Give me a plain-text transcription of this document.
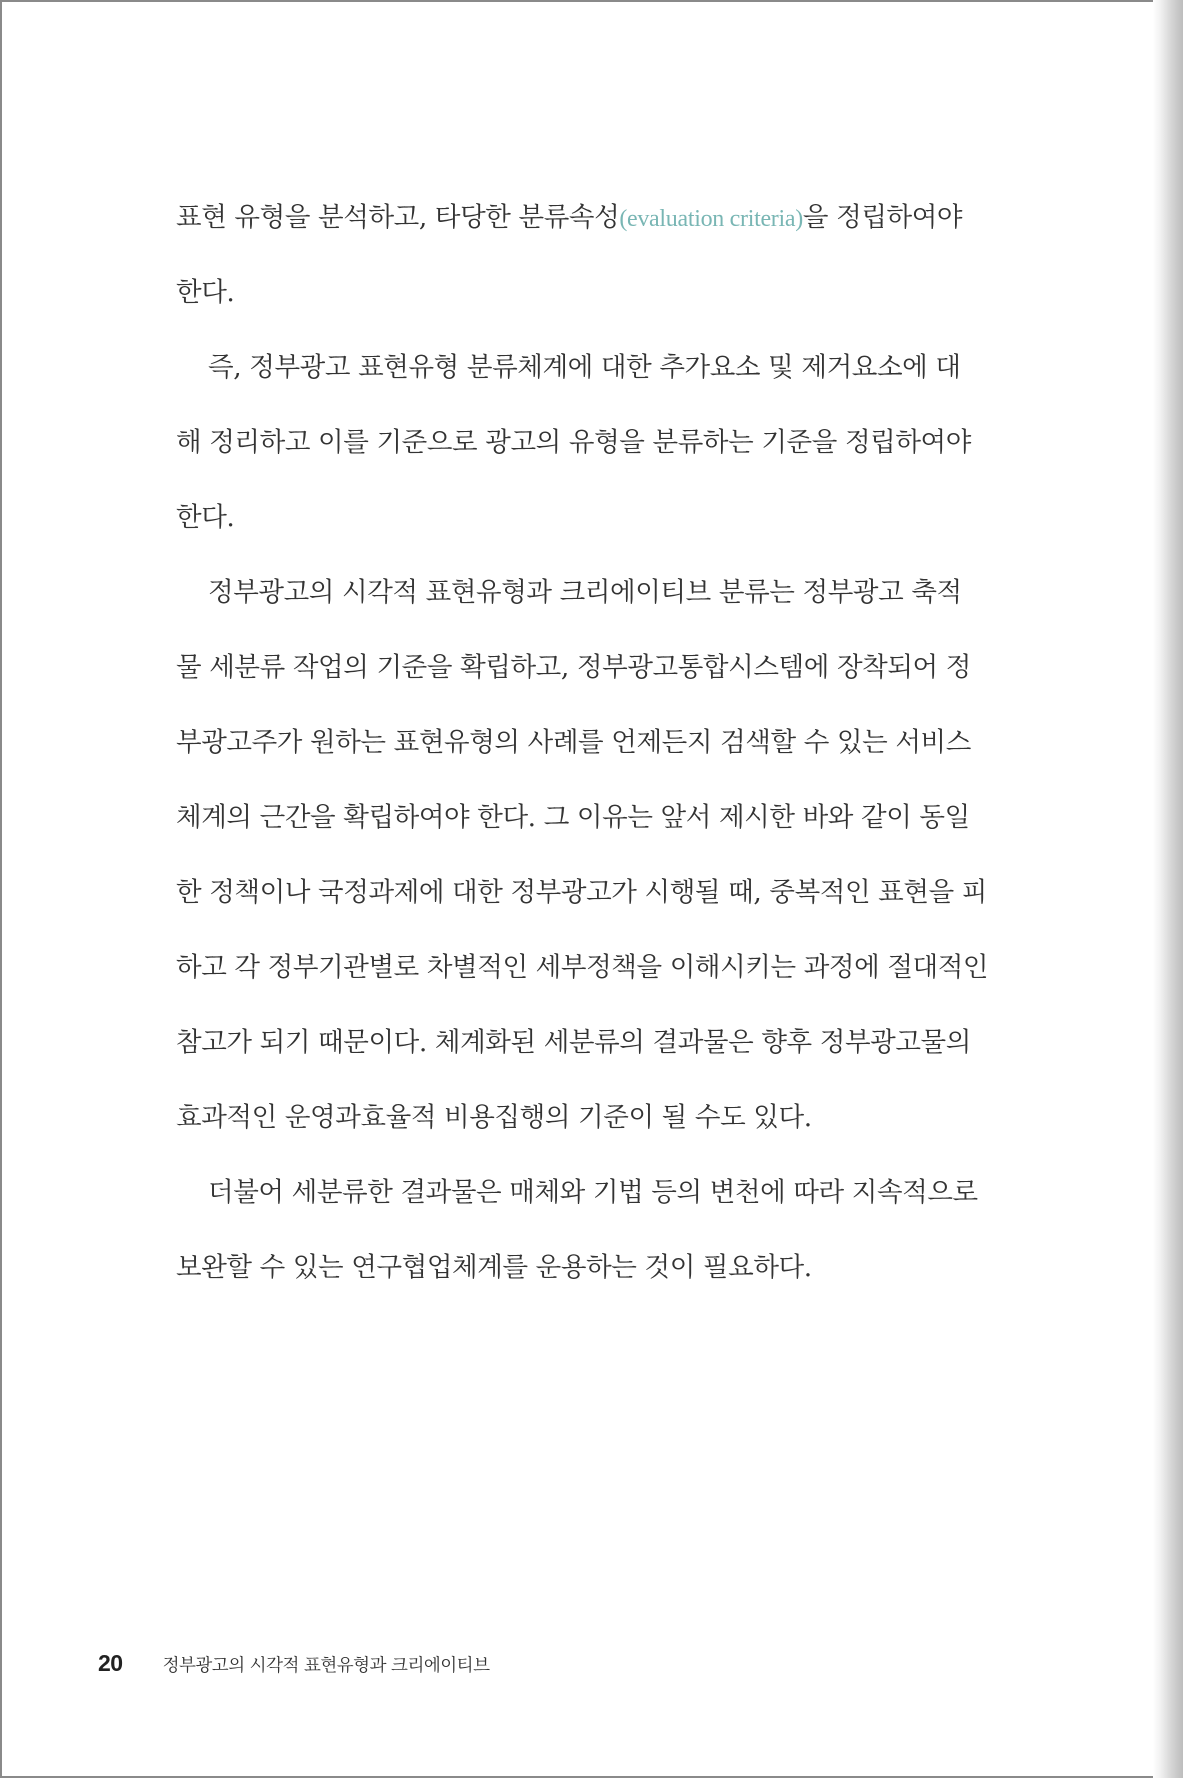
표현 유형을 분석하고, 타당한 분류속성(evaluation criteria)을 정립하여야
한다.
즉, 정부광고 표현유형 분류체계에 대한 추가요소 및 제거요소에 대
해 정리하고 이를 기준으로 광고의 유형을 분류하는 기준을 정립하여야
한다.
정부광고의 시각적 표현유형과 크리에이티브 분류는 정부광고 축적
물 세분류 작업의 기준을 확립하고, 정부광고통합시스템에 장착되어 정
부광고주가 원하는 표현유형의 사례를 언제든지 검색할 수 있는 서비스
체계의 근간을 확립하여야 한다. 그 이유는 앞서 제시한 바와 같이 동일
한 정책이나 국정과제에 대한 정부광고가 시행될 때, 중복적인 표현을 피
하고 각 정부기관별로 차별적인 세부정책을 이해시키는 과정에 절대적인
참고가 되기 때문이다. 체계화된 세분류의 결과물은 향후 정부광고물의
효과적인 운영과효율적 비용집행의 기준이 될 수도 있다.
더불어 세분류한 결과물은 매체와 기법 등의 변천에 따라 지속적으로
보완할 수 있는 연구협업체계를 운용하는 것이 필요하다.
20 정부광고의 시각적 표현유형과 크리에이티브
